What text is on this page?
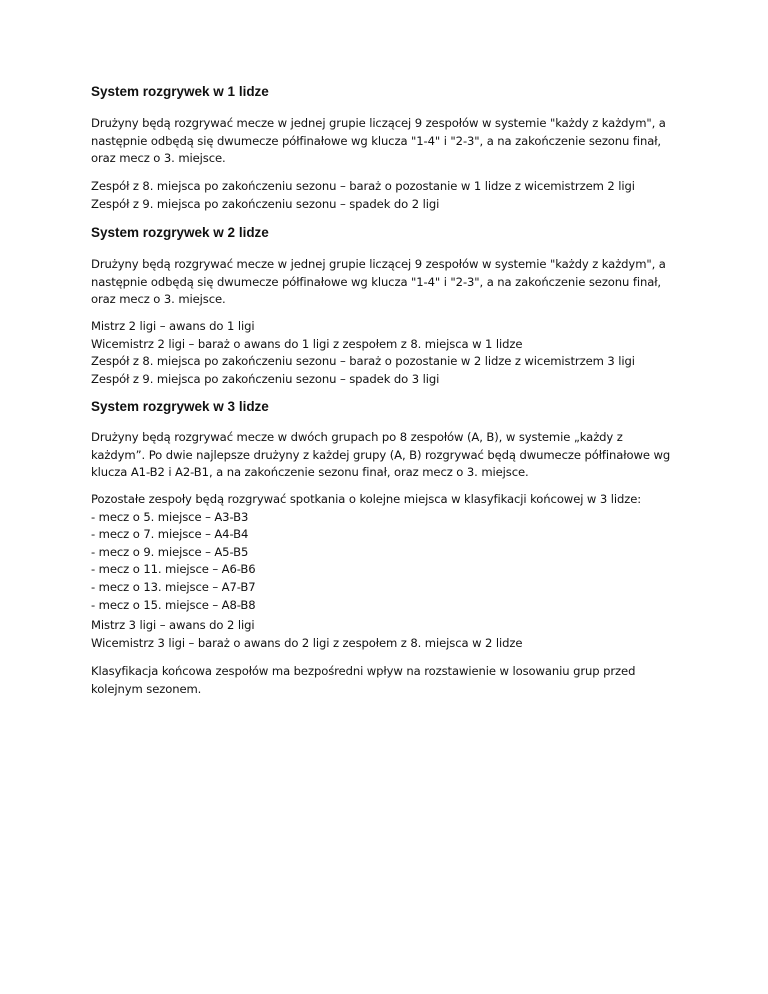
System rozgrywek w 1 lidze
Drużyny będą rozgrywać mecze w jednej grupie liczącej 9 zespołów w systemie "każdy z każdym", a
następnie odbędą się dwumecze półfinałowe wg klucza "1-4" i "2-3", a na zakończenie sezonu finał,
oraz mecz o 3. miejsce.
Zespół z 8. miejsca po zakończeniu sezonu – baraż o pozostanie w 1 lidze z wicemistrzem 2 ligi
Zespół z 9. miejsca po zakończeniu sezonu – spadek do 2 ligi
System rozgrywek w 2 lidze
Drużyny będą rozgrywać mecze w jednej grupie liczącej 9 zespołów w systemie "każdy z każdym", a
następnie odbędą się dwumecze półfinałowe wg klucza "1-4" i "2-3", a na zakończenie sezonu finał,
oraz mecz o 3. miejsce.
Mistrz 2 ligi – awans do 1 ligi
Wicemistrz 2 ligi – baraż o awans do 1 ligi z zespołem z 8. miejsca w 1 lidze
Zespół z 8. miejsca po zakończeniu sezonu – baraż o pozostanie w 2 lidze z wicemistrzem 3 ligi
Zespół z 9. miejsca po zakończeniu sezonu – spadek do 3 ligi
System rozgrywek w 3 lidze
Drużyny będą rozgrywać mecze w dwóch grupach po 8 zespołów (A, B), w systemie „każdy z
każdym”. Po dwie najlepsze drużyny z każdej grupy (A, B) rozgrywać będą dwumecze półfinałowe wg
klucza A1-B2 i A2-B1, a na zakończenie sezonu finał, oraz mecz o 3. miejsce.
Pozostałe zespoły będą rozgrywać spotkania o kolejne miejsca w klasyfikacji końcowej w 3 lidze:
- mecz o 5. miejsce – A3-B3
- mecz o 7. miejsce – A4-B4
- mecz o 9. miejsce – A5-B5
- mecz o 11. miejsce – A6-B6
- mecz o 13. miejsce – A7-B7
- mecz o 15. miejsce – A8-B8
Mistrz 3 ligi – awans do 2 ligi
Wicemistrz 3 ligi – baraż o awans do 2 ligi z zespołem z 8. miejsca w 2 lidze
Klasyfikacja końcowa zespołów ma bezpośredni wpływ na rozstawienie w losowaniu grup przed
kolejnym sezonem.
